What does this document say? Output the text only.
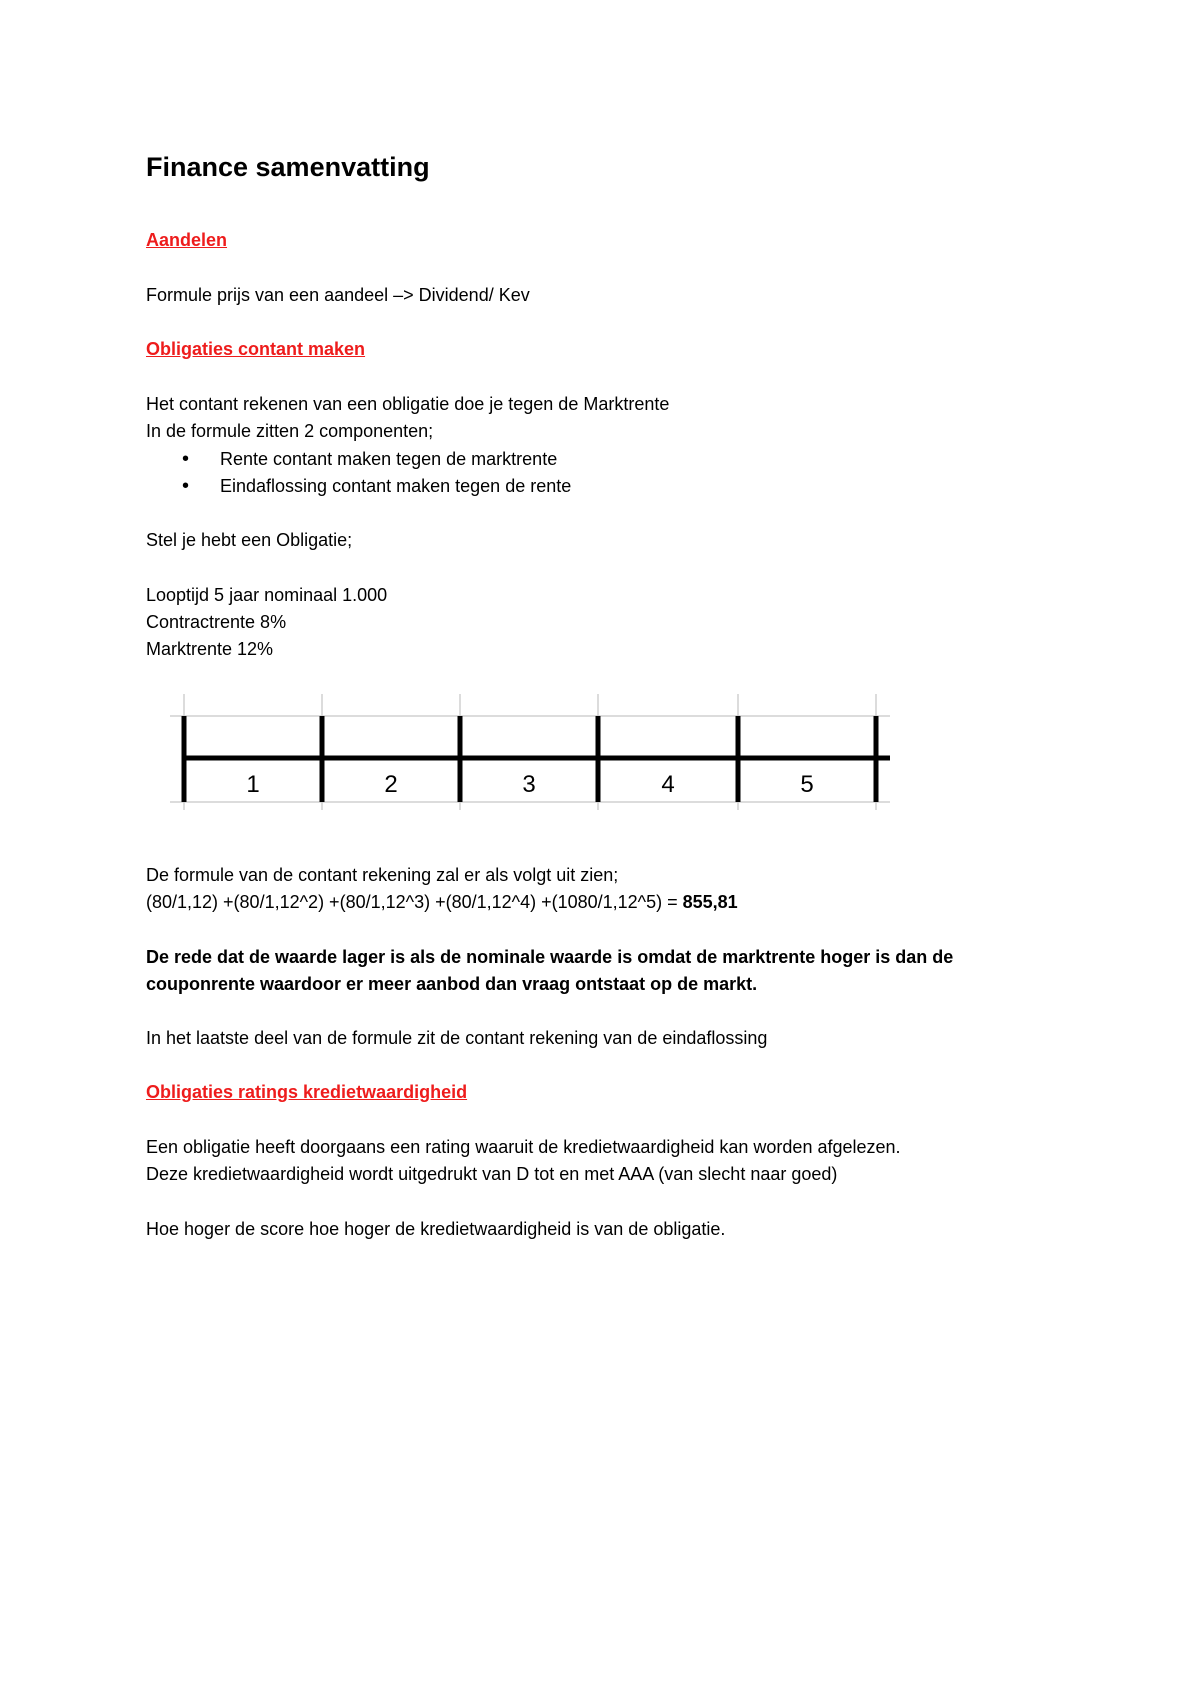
Finance samenvatting
Aandelen
Formule prijs van een aandeel –> Dividend/ Kev
Obligaties contant maken
Het contant rekenen van een obligatie doe je tegen de Marktrente
In de formule zitten 2 componenten;
• Rente contant maken tegen de marktrente
• Eindaflossing contant maken tegen de rente
Stel je hebt een Obligatie;
Looptijd 5 jaar nominaal 1.000
Contractrente 8%
Marktrente 12%
De formule van de contant rekening zal er als volgt uit zien;
(80/1,12) +(80/1,12^2) +(80/1,12^3) +(80/1,12^4) +(1080/1,12^5) = 855,81
De rede dat de waarde lager is als de nominale waarde is omdat de marktrente hoger is dan de
couponrente waardoor er meer aanbod dan vraag ontstaat op de markt.
In het laatste deel van de formule zit de contant rekening van de eindaflossing
Obligaties ratings kredietwaardigheid
Een obligatie heeft doorgaans een rating waaruit de kredietwaardigheid kan worden afgelezen.
Deze kredietwaardigheid wordt uitgedrukt van D tot en met AAA (van slecht naar goed)
Hoe hoger de score hoe hoger de kredietwaardigheid is van de obligatie.
1	2	3	4	5
